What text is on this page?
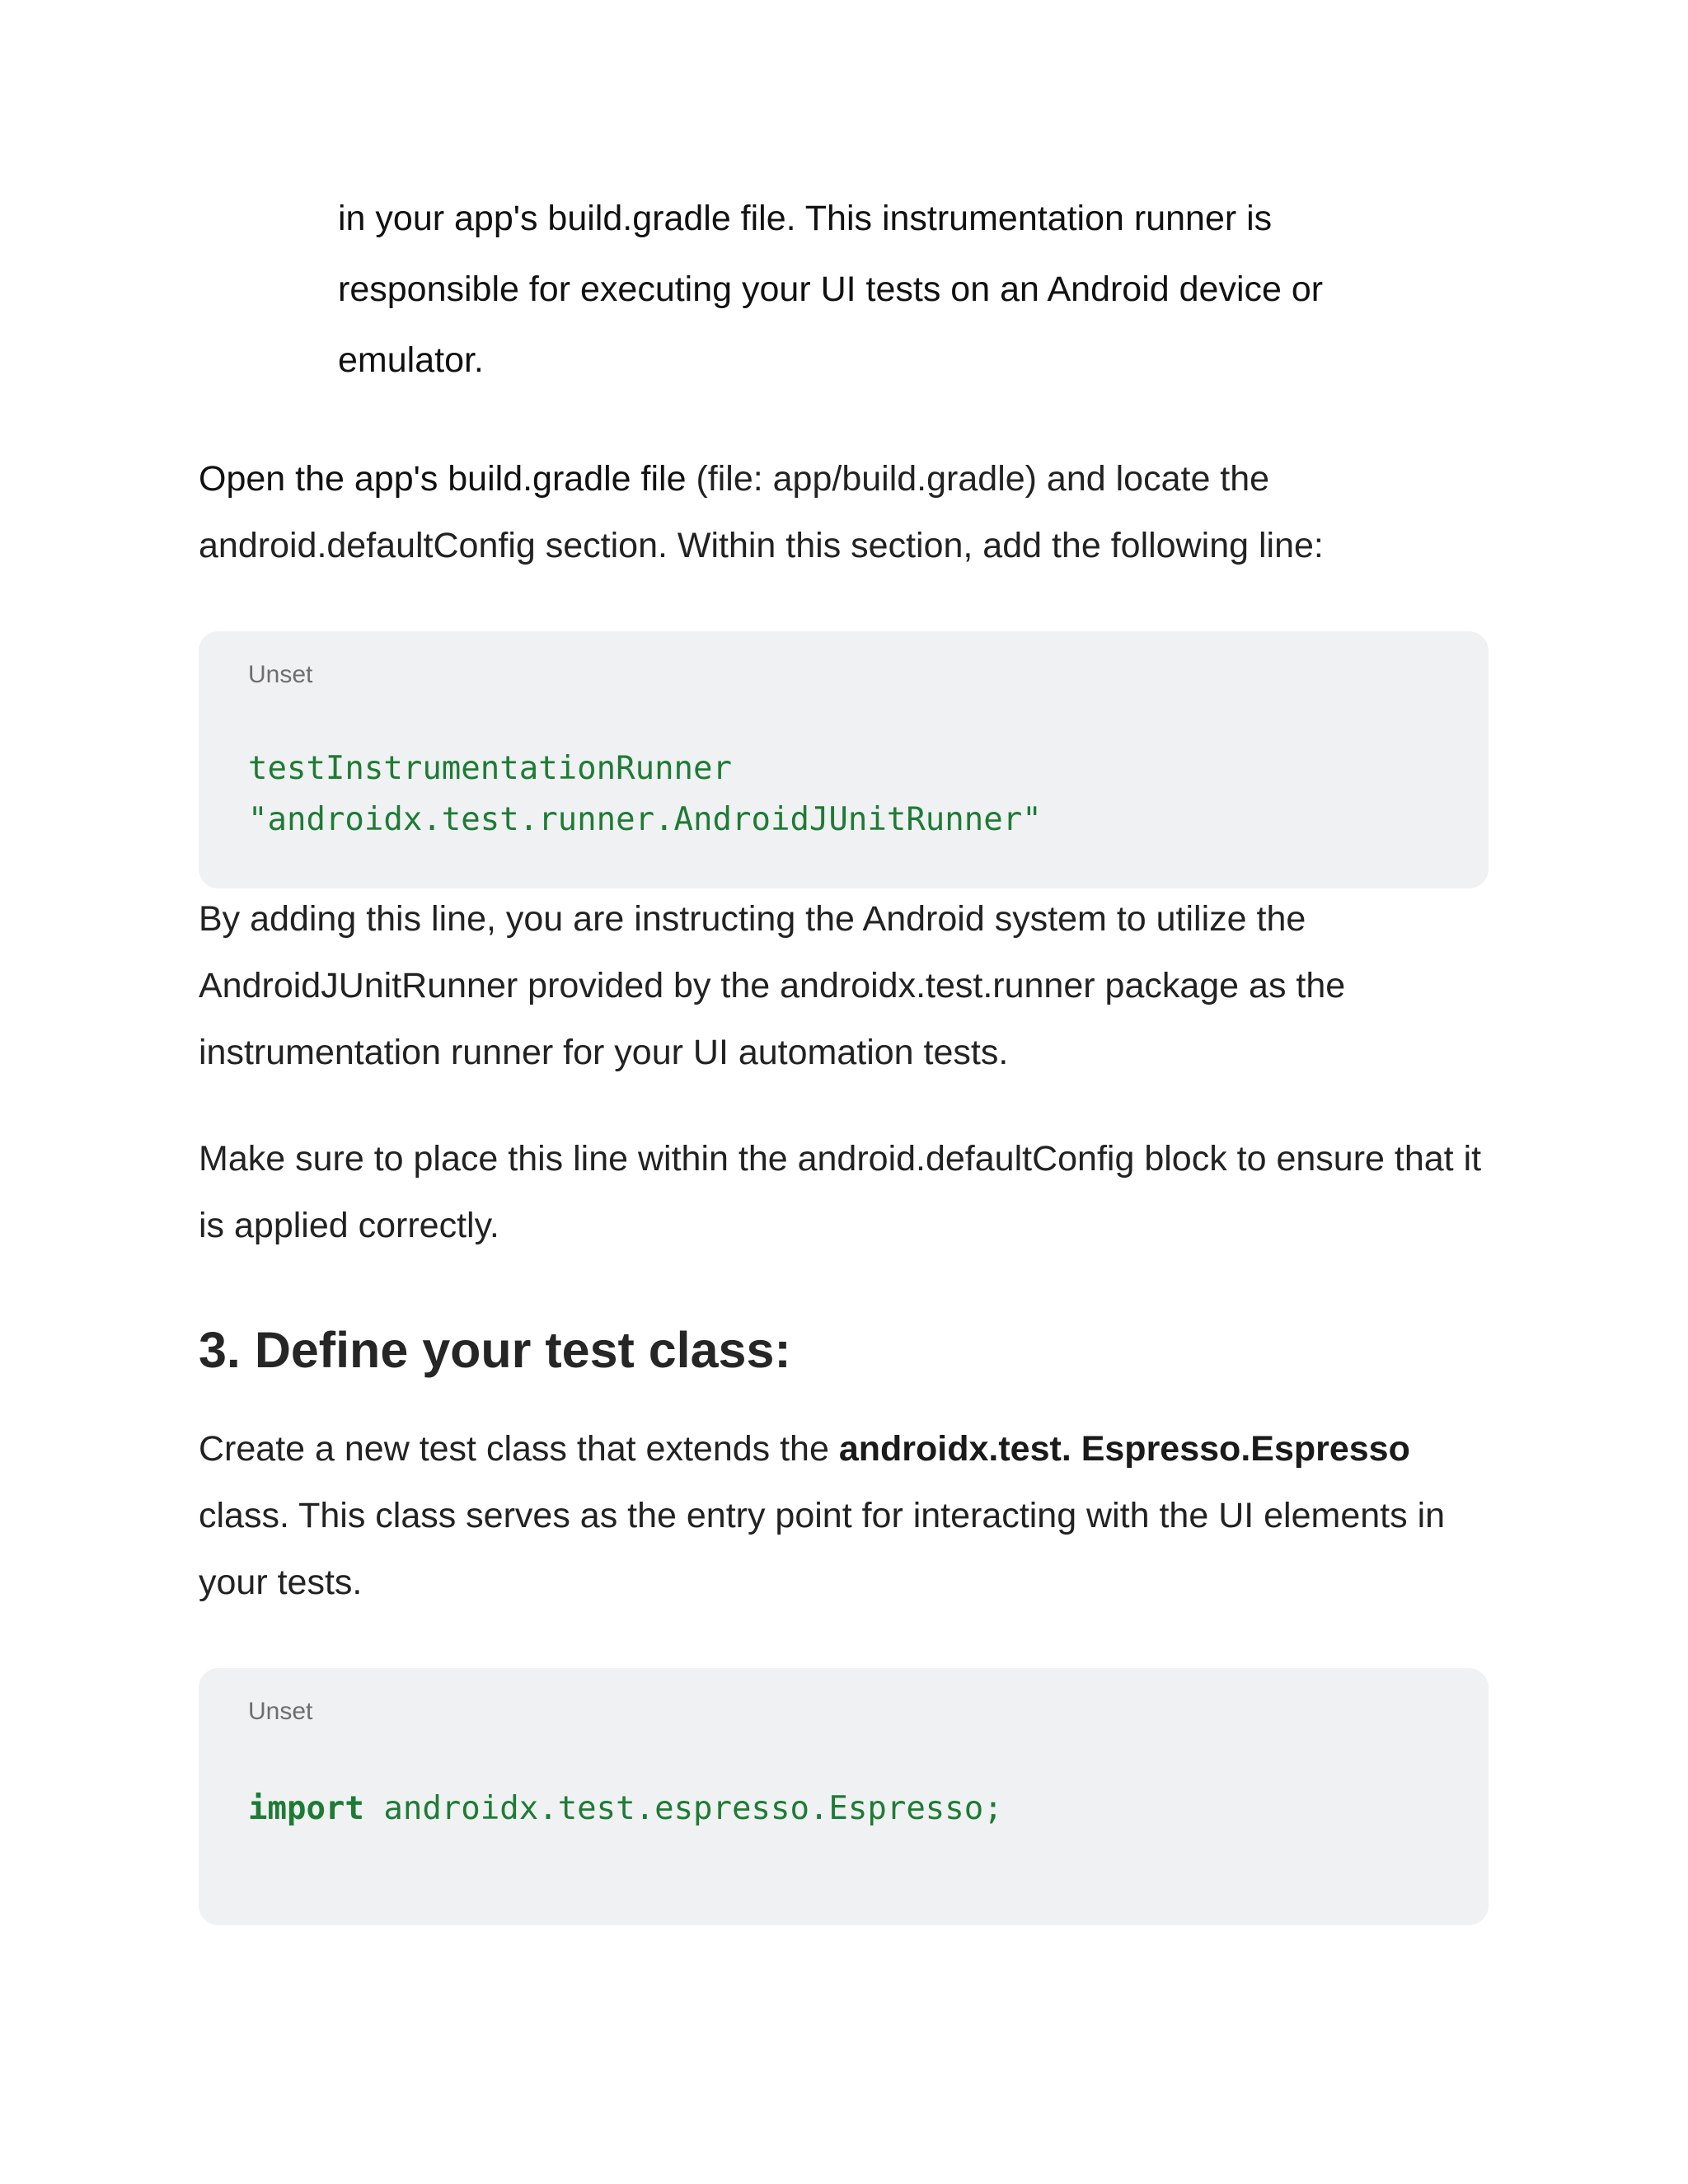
in your app's build.gradle file. This instrumentation runner is
responsible for executing your UI tests on an Android device or
emulator.

Open the app's build.gradle file (file: app/build.gradle) and locate the android.defaultConfig section. Within this section, add the following line:

Unset
testInstrumentationRunner
"androidx.test.runner.AndroidJUnitRunner"

By adding this line, you are instructing the Android system to utilize the AndroidJUnitRunner provided by the androidx.test.runner package as the instrumentation runner for your UI automation tests.

Make sure to place this line within the android.defaultConfig block to ensure that it is applied correctly.

3. Define your test class:

Create a new test class that extends the androidx.test. Espresso.Espresso class. This class serves as the entry point for interacting with the UI elements in your tests.

Unset
import androidx.test.espresso.Espresso;
